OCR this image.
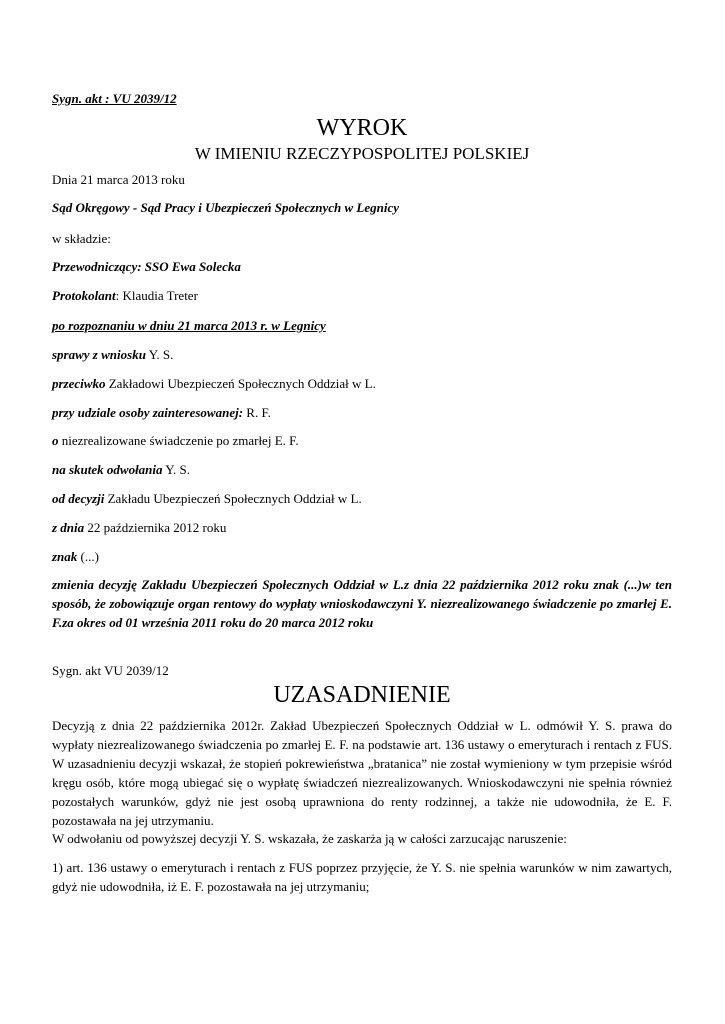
Sygn. akt : VU 2039/12
WYROK
W IMIENIU RZECZYPOSPOLITEJ POLSKIEJ
Dnia 21 marca 2013 roku
Sąd Okręgowy - Sąd Pracy i Ubezpieczeń Społecznych w Legnicy
w składzie:
Przewodniczący: SSO Ewa Solecka
Protokolant: Klaudia Treter
po rozpoznaniu w dniu 21 marca 2013 r. w Legnicy
sprawy z wniosku Y. S.
przeciwko Zakładowi Ubezpieczeń Społecznych Oddział w L.
przy udziale osoby zainteresowanej: R. F.
o niezrealizowane świadczenie po zmarłej E. F.
na skutek odwołania Y. S.
od decyzji Zakładu Ubezpieczeń Społecznych Oddział w L.
z dnia 22 października 2012 roku
znak (...)
zmienia decyzję Zakładu Ubezpieczeń Społecznych Oddział w L.z dnia 22 października 2012 roku znak (...)w ten sposób, że zobowiązuje organ rentowy do wypłaty wnioskodawczyni Y. niezrealizowanego świadczenie po zmarłej E. F.za okres od 01 września 2011 roku do 20 marca 2012 roku
Sygn. akt VU 2039/12
UZASADNIENIE
Decyzją z dnia 22 października 2012r. Zakład Ubezpieczeń Społecznych Oddział w L. odmówił Y. S. prawa do wypłaty niezrealizowanego świadczenia po zmarłej E. F. na podstawie art. 136 ustawy o emeryturach i rentach z FUS. W uzasadnieniu decyzji wskazał, że stopień pokrewieństwa „bratanica” nie został wymieniony w tym przepisie wśród kręgu osób, które mogą ubiegać się o wypłatę świadczeń niezrealizowanych. Wnioskodawczyni nie spełnia również pozostałych warunków, gdyż nie jest osobą uprawniona do renty rodzinnej, a także nie udowodniła, że E. F. pozostawała na jej utrzymaniu.
W odwołaniu od powyższej decyzji Y. S. wskazała, że zaskarża ją w całości zarzucając naruszenie:
1) art. 136 ustawy o emeryturach i rentach z FUS poprzez przyjęcie, że Y. S. nie spełnia warunków w nim zawartych, gdyż nie udowodniła, iż E. F. pozostawała na jej utrzymaniu;
